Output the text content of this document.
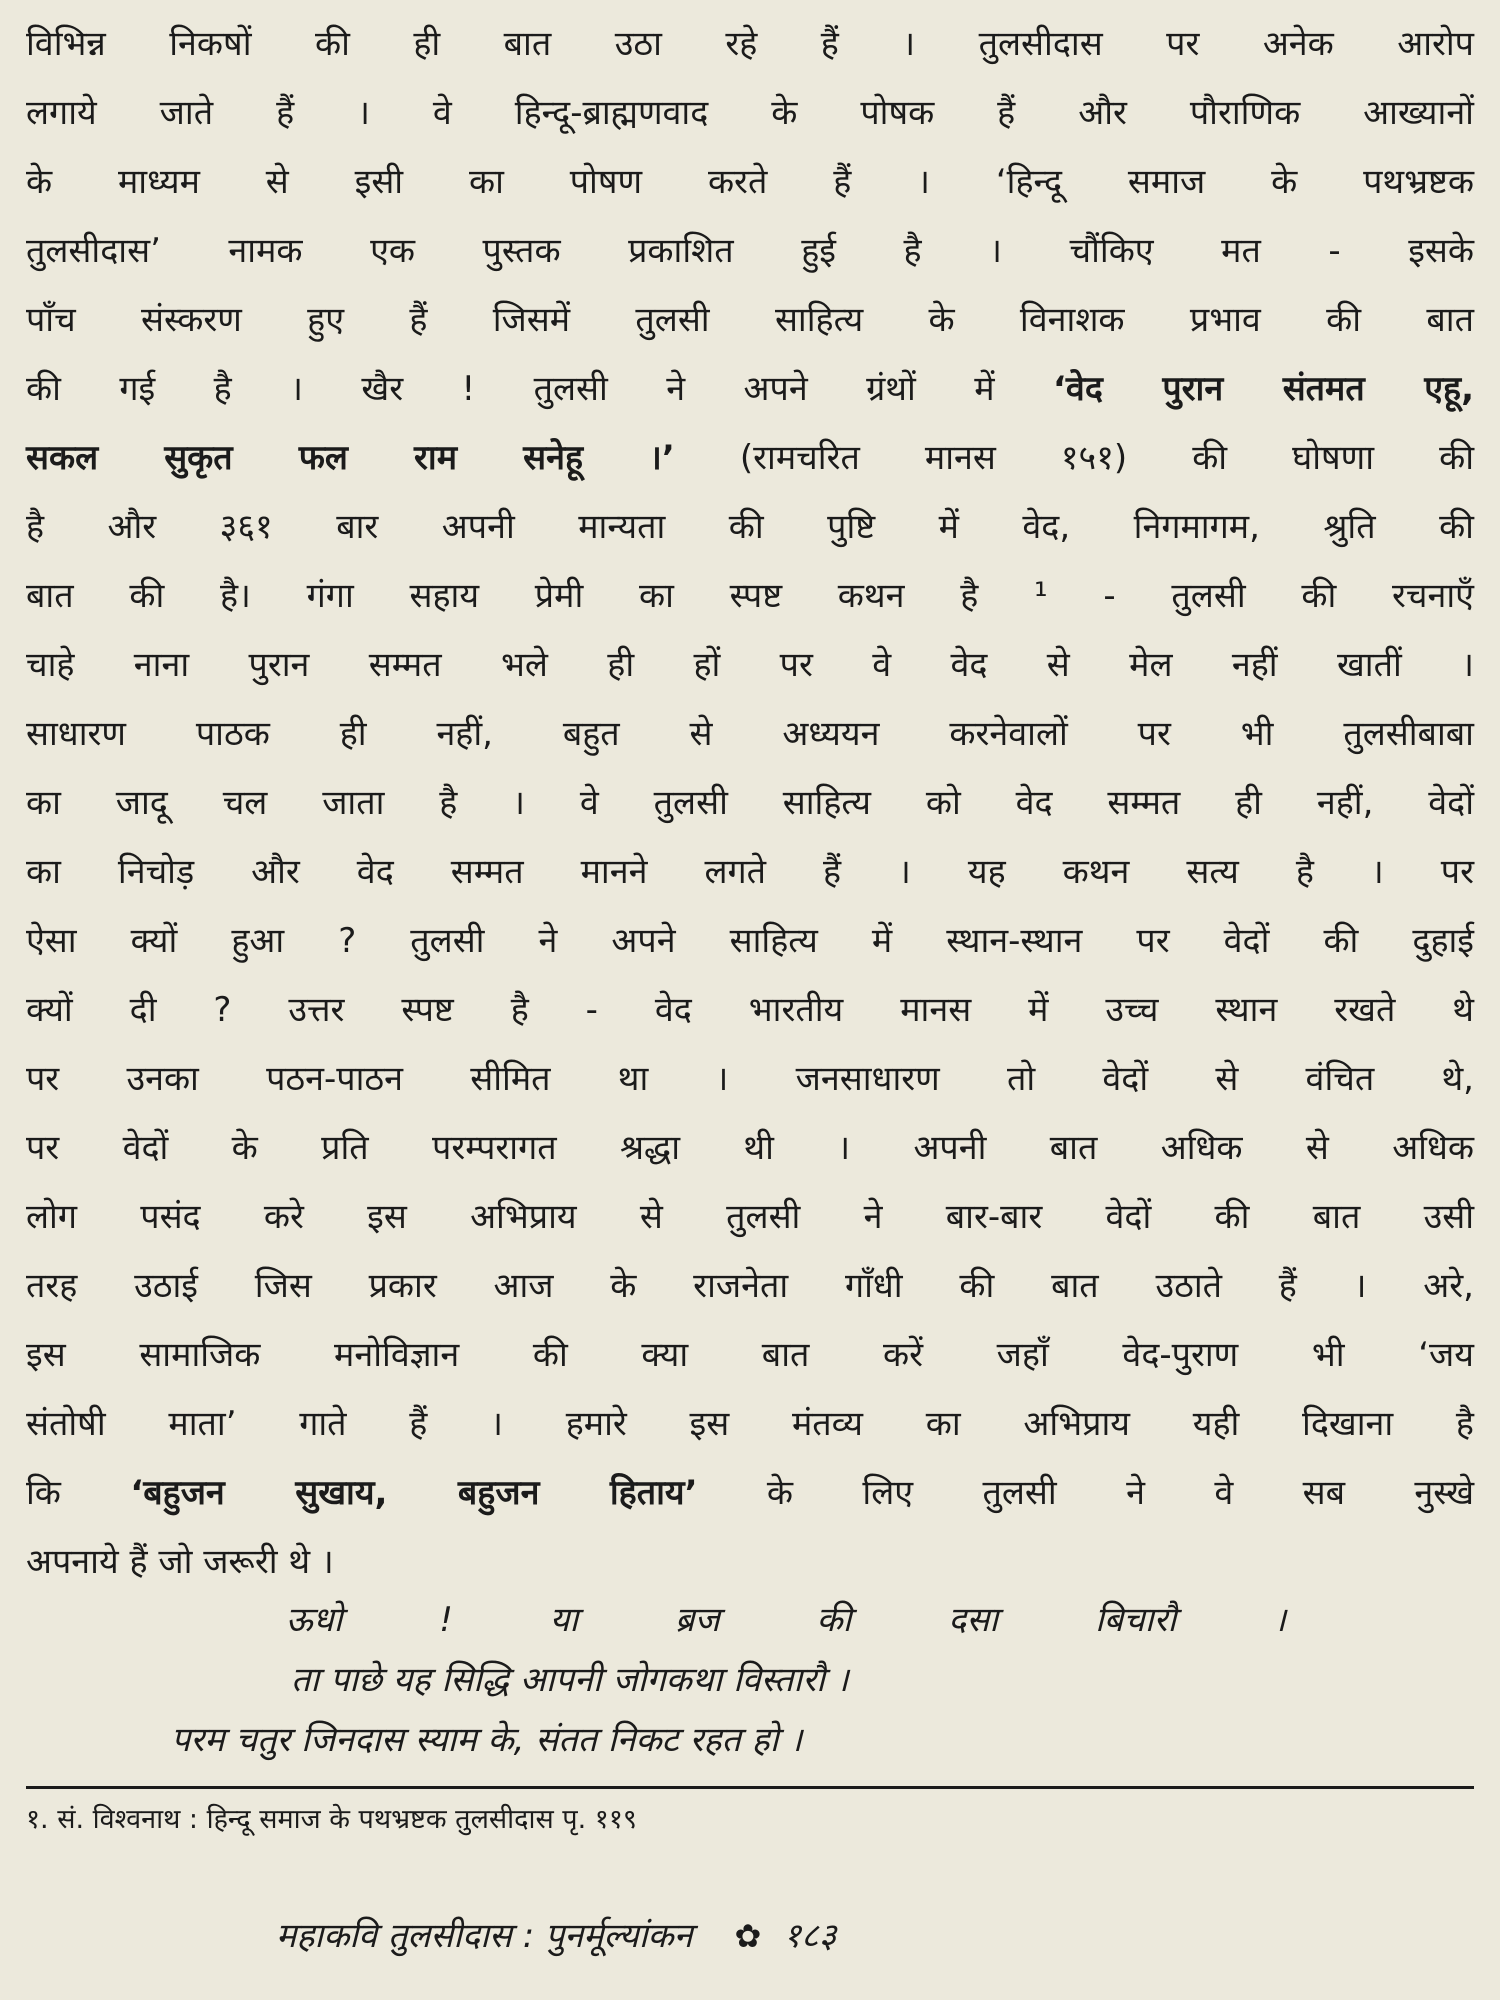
विभिन्न निकषों की ही बात उठा रहे हैं । तुलसीदास पर अनेक आरोप
लगाये जाते हैं । वे हिन्दू-ब्राह्मणवाद के पोषक हैं और पौराणिक आख्यानों
के माध्यम से इसी का पोषण करते हैं । ‘हिन्दू समाज के पथभ्रष्टक
तुलसीदास’ नामक एक पुस्तक प्रकाशित हुई है । चौंकिए मत - इसके
पाँच संस्करण हुए हैं जिसमें तुलसी साहित्य के विनाशक प्रभाव की बात
की गई है । खैर ! तुलसी ने अपने ग्रंथों में ‘वेद पुरान संतमत एहू,
सकल सुकृत फल राम सनेहू ।’ (रामचरित मानस १५१) की घोषणा की
है और ३६१ बार अपनी मान्यता की पुष्टि में वेद, निगमागम, श्रुति की
बात की है। गंगा सहाय प्रेमी का स्पष्ट कथन है ¹ - तुलसी की रचनाएँ
चाहे नाना पुरान सम्मत भले ही हों पर वे वेद से मेल नहीं खातीं ।
साधारण पाठक ही नहीं, बहुत से अध्ययन करनेवालों पर भी तुलसीबाबा
का जादू चल जाता है । वे तुलसी साहित्य को वेद सम्मत ही नहीं, वेदों
का निचोड़ और वेद सम्मत मानने लगते हैं । यह कथन सत्य है । पर
ऐसा क्यों हुआ ? तुलसी ने अपने साहित्य में स्थान-स्थान पर वेदों की दुहाई
क्यों दी ? उत्तर स्पष्ट है - वेद भारतीय मानस में उच्च स्थान रखते थे
पर उनका पठन-पाठन सीमित था । जनसाधारण तो वेदों से वंचित थे,
पर वेदों के प्रति परम्परागत श्रद्धा थी । अपनी बात अधिक से अधिक
लोग पसंद करे इस अभिप्राय से तुलसी ने बार-बार वेदों की बात उसी
तरह उठाई जिस प्रकार आज के राजनेता गाँधी की बात उठाते हैं । अरे,
इस सामाजिक मनोविज्ञान की क्या बात करें जहाँ वेद-पुराण भी ‘जय
संतोषी माता’ गाते हैं । हमारे इस मंतव्य का अभिप्राय यही दिखाना है
कि ‘बहुजन सुखाय, बहुजन हिताय’ के लिए तुलसी ने वे सब नुस्खे
अपनाये हैं जो जरूरी थे ।
ऊधो ! या ब्रज की दसा बिचारौ ।
ता पाछे यह सिद्धि आपनी जोगकथा विस्तारौ ।
परम चतुर जिनदास स्याम के, संतत निकट रहत हो ।
१. सं. विश्वनाथ : हिन्दू समाज के पथभ्रष्टक तुलसीदास पृ. ११९
महाकवि तुलसीदास : पुनर्मूल्यांकन ✿ १८३
